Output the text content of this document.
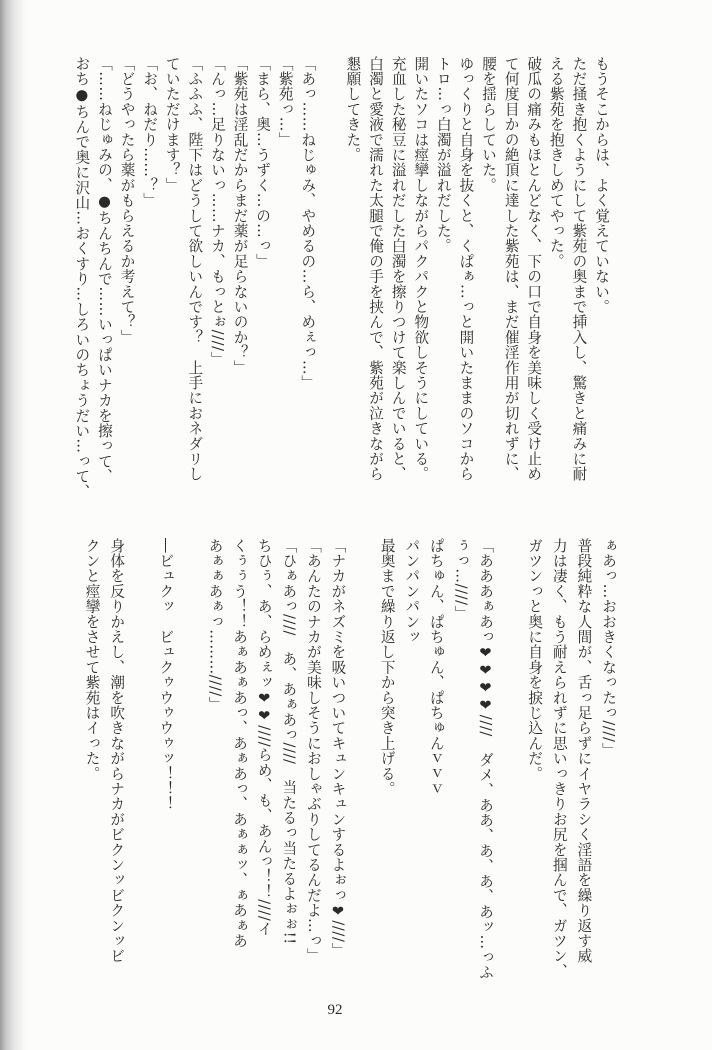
もうそこからは、よく覚えていない。

ただ掻き抱くようにして紫苑の奥まで挿入し、驚きと痛みに耐

える紫苑を抱きしめてやった。

破瓜の痛みもほとんどなく、下の口で自身を美味しく受け止め

て何度目かの絶頂に達した紫苑は、まだ催淫作用が切れずに、

腰を揺らしていた。

ゆっくりと自身を抜くと、くぱぁ…っと開いたままのソコから

トロ…っ白濁が溢れだした。

開いたソコは痙攣しながらパクパクと物欲しそうにしている。

充血した秘豆に溢れだした白濁を擦りつけて楽しんでいると、

白濁と愛液で濡れた太腿で俺の手を挟んで、紫苑が泣きながら

懇願してきた。

「あっ……ねじゅみ、やめるの…ら、めぇっ…」

「紫苑っ…」

「まら、奥…うずく…の…っ」

「紫苑は淫乱だからまだ薬が足らないのか？」

「んっ…足りないっ……ナカ、もっとぉ////」

「ふふふ、陛下はどうして欲しいんです？　上手におネダリし

ていただけます？」

「お、ねだり……？」

「どうやったら薬がもらえるか考えて？」

「……ねじゅみの、●ちんちんで……いっぱいナカを擦って、

おち●ちんで奥に沢山…おくすり…しろいのちょうだい…って、

ぁあっ…おおきくなったっ////」

普段純粋な人間が、舌っ足らずにイヤラシく淫語を繰り返す威

力は凄く、もう耐えられずに思いっきりお尻を掴んで、ガツン、

ガツンっと奥に自身を捩じ込んだ。

「あああぁあっ❤❤❤❤////　ダメ、ああ、あ、あ、あッ…っふ

ぅっ…////」

ぱちゅん、ぱちゅん、ぱちゅんｖｖｖ

パンパンパンッ

最奥まで繰り返し下から突き上げる。

「ナカがネズミを吸いついてキュンキュンするよぉっ❤////」

「あんたのナカが美味しそうにおしゃぶりしてるんだよ…っ」

「ひぁあっ////　あ、あぁあっ////　当たるっ当たるよぉぉ!!

ちひぅ、あ、らめぇッ❤❤////らめ、も、あんっ！！////イ

くぅぅう！！あぁあぁあっ、あぁあっ、あぁぁッ、ぁあぁあ

あぁぁあぁっ………////」

―ビュクッ　ビュクゥウゥウゥッ！！！

身体を反りかえし、潮を吹きながらナカがビクンッビクンッビ

クンと痙攣をさせて紫苑はイった。

92
